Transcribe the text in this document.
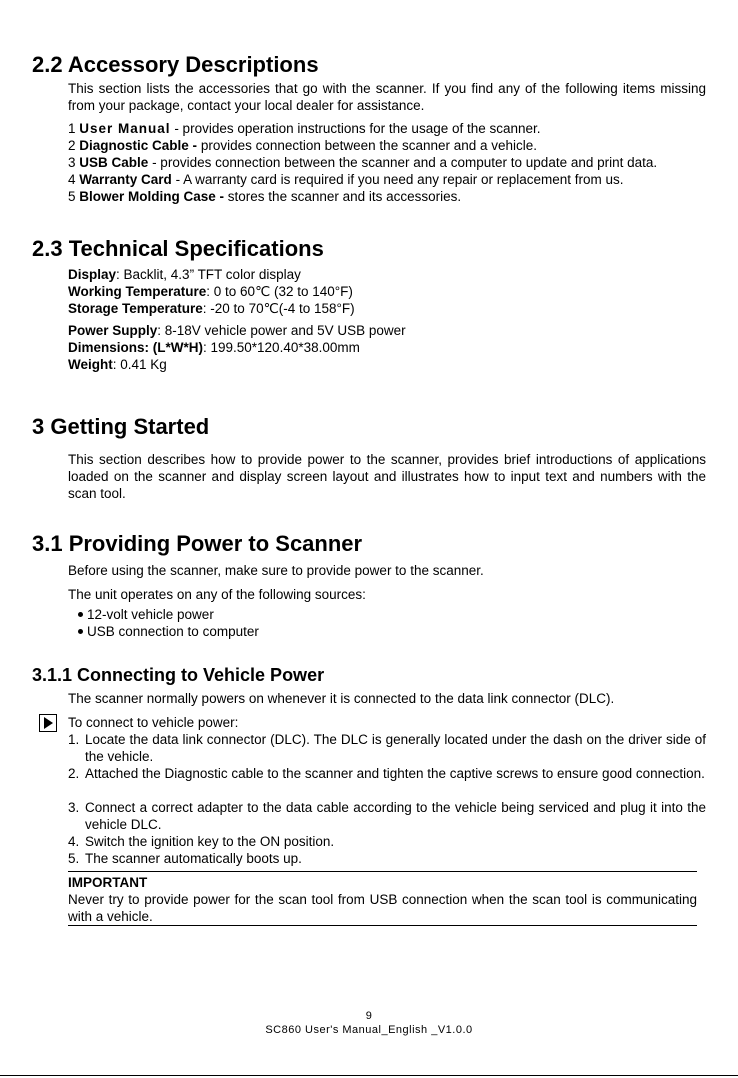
2.2 Accessory Descriptions

This section lists the accessories that go with the scanner. If you find any of the following items missing from your package, contact your local dealer for assistance.

1 User Manual - provides operation instructions for the usage of the scanner.
2 Diagnostic Cable - provides connection between the scanner and a vehicle.
3 USB Cable - provides connection between the scanner and a computer to update and print data.
4 Warranty Card - A warranty card is required if you need any repair or replacement from us.
5 Blower Molding Case - stores the scanner and its accessories.
2.3 Technical Specifications
Display: Backlit, 4.3” TFT color display
Working Temperature: 0 to 60℃ (32 to 140°F)
Storage Temperature: -20 to 70℃(-4 to 158°F)
Power Supply: 8-18V vehicle power and 5V USB power
Dimensions: (L*W*H): 199.50*120.40*38.00mm
Weight: 0.41 Kg
3 Getting Started

This section describes how to provide power to the scanner, provides brief introductions of applications loaded on the scanner and display screen layout and illustrates how to input text and numbers with the scan tool.

3.1 Providing Power to Scanner

Before using the scanner, make sure to provide power to the scanner.

The unit operates on any of the following sources:

12-volt vehicle power
USB connection to computer
3.1.1 Connecting to Vehicle Power

The scanner normally powers on whenever it is connected to the data link connector (DLC).

To connect to vehicle power:

1. Locate the data link connector (DLC). The DLC is generally located under the dash on the driver side of the vehicle.
2. Attached the Diagnostic cable to the scanner and tighten the captive screws to ensure good connection.
3. Connect a correct adapter to the data cable according to the vehicle being serviced and plug it into the vehicle DLC.
4. Switch the ignition key to the ON position.
5. The scanner automatically boots up.

IMPORTANT

Never try to provide power for the scan tool from USB connection when the scan tool is communicating with a vehicle.

9

SC860 User's Manual_English _V1.0.0
